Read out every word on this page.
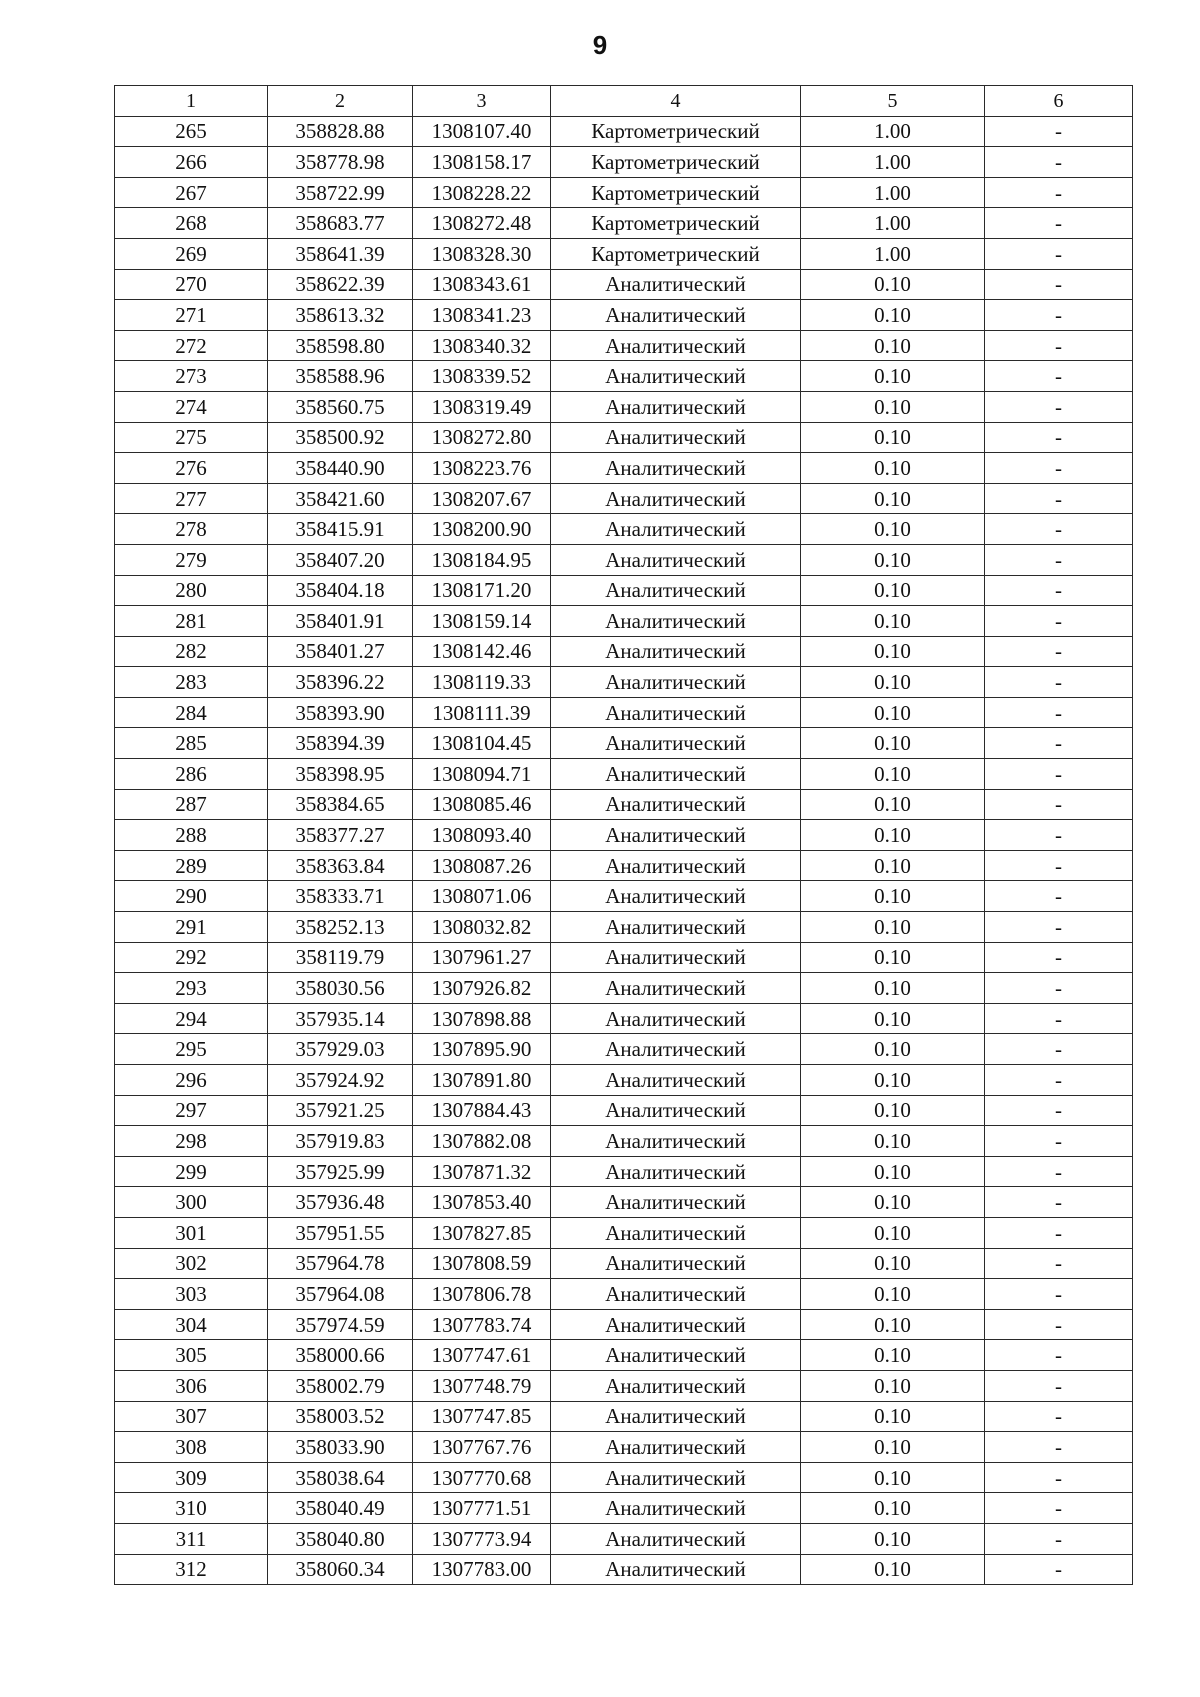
9
1	2	3	4	5	6
265	358828.88	1308107.40	Картометрический	1.00	-
266	358778.98	1308158.17	Картометрический	1.00	-
267	358722.99	1308228.22	Картометрический	1.00	-
268	358683.77	1308272.48	Картометрический	1.00	-
269	358641.39	1308328.30	Картометрический	1.00	-
270	358622.39	1308343.61	Аналитический	0.10	-
271	358613.32	1308341.23	Аналитический	0.10	-
272	358598.80	1308340.32	Аналитический	0.10	-
273	358588.96	1308339.52	Аналитический	0.10	-
274	358560.75	1308319.49	Аналитический	0.10	-
275	358500.92	1308272.80	Аналитический	0.10	-
276	358440.90	1308223.76	Аналитический	0.10	-
277	358421.60	1308207.67	Аналитический	0.10	-
278	358415.91	1308200.90	Аналитический	0.10	-
279	358407.20	1308184.95	Аналитический	0.10	-
280	358404.18	1308171.20	Аналитический	0.10	-
281	358401.91	1308159.14	Аналитический	0.10	-
282	358401.27	1308142.46	Аналитический	0.10	-
283	358396.22	1308119.33	Аналитический	0.10	-
284	358393.90	1308111.39	Аналитический	0.10	-
285	358394.39	1308104.45	Аналитический	0.10	-
286	358398.95	1308094.71	Аналитический	0.10	-
287	358384.65	1308085.46	Аналитический	0.10	-
288	358377.27	1308093.40	Аналитический	0.10	-
289	358363.84	1308087.26	Аналитический	0.10	-
290	358333.71	1308071.06	Аналитический	0.10	-
291	358252.13	1308032.82	Аналитический	0.10	-
292	358119.79	1307961.27	Аналитический	0.10	-
293	358030.56	1307926.82	Аналитический	0.10	-
294	357935.14	1307898.88	Аналитический	0.10	-
295	357929.03	1307895.90	Аналитический	0.10	-
296	357924.92	1307891.80	Аналитический	0.10	-
297	357921.25	1307884.43	Аналитический	0.10	-
298	357919.83	1307882.08	Аналитический	0.10	-
299	357925.99	1307871.32	Аналитический	0.10	-
300	357936.48	1307853.40	Аналитический	0.10	-
301	357951.55	1307827.85	Аналитический	0.10	-
302	357964.78	1307808.59	Аналитический	0.10	-
303	357964.08	1307806.78	Аналитический	0.10	-
304	357974.59	1307783.74	Аналитический	0.10	-
305	358000.66	1307747.61	Аналитический	0.10	-
306	358002.79	1307748.79	Аналитический	0.10	-
307	358003.52	1307747.85	Аналитический	0.10	-
308	358033.90	1307767.76	Аналитический	0.10	-
309	358038.64	1307770.68	Аналитический	0.10	-
310	358040.49	1307771.51	Аналитический	0.10	-
311	358040.80	1307773.94	Аналитический	0.10	-
312	358060.34	1307783.00	Аналитический	0.10	-
